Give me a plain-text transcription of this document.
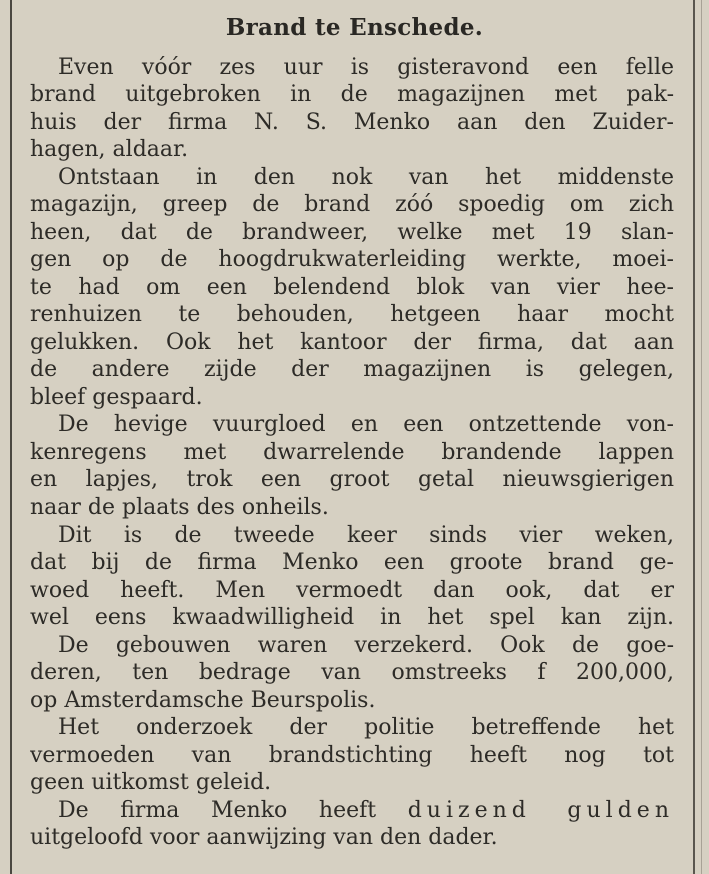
Brand te Enschede.
Even vóór zes uur is gisteravond een felle
brand uitgebroken in de magazijnen met pak-
huis der firma N. S. Menko aan den Zuider-
hagen, aldaar.
Ontstaan in den nok van het middenste
magazijn, greep de brand zóó spoedig om zich
heen, dat de brandweer, welke met 19 slan-
gen op de hoogdrukwaterleiding werkte, moei-
te had om een belendend blok van vier hee-
renhuizen te behouden, hetgeen haar mocht
gelukken. Ook het kantoor der firma, dat aan
de andere zijde der magazijnen is gelegen,
bleef gespaard.
De hevige vuurgloed en een ontzettende von-
kenregens met dwarrelende brandende lappen
en lapjes, trok een groot getal nieuwsgierigen
naar de plaats des onheils.
Dit is de tweede keer sinds vier weken,
dat bij de firma Menko een groote brand ge-
woed heeft. Men vermoedt dan ook, dat er
wel eens kwaadwilligheid in het spel kan zijn.
De gebouwen waren verzekerd. Ook de goe-
deren, ten bedrage van omstreeks f 200,000,
op Amsterdamsche Beurspolis.
Het onderzoek der politie betreffende het
vermoeden van brandstichting heeft nog tot
geen uitkomst geleid.
De firma Menko heeft duizend gulden
uitgeloofd voor aanwijzing van den dader.
